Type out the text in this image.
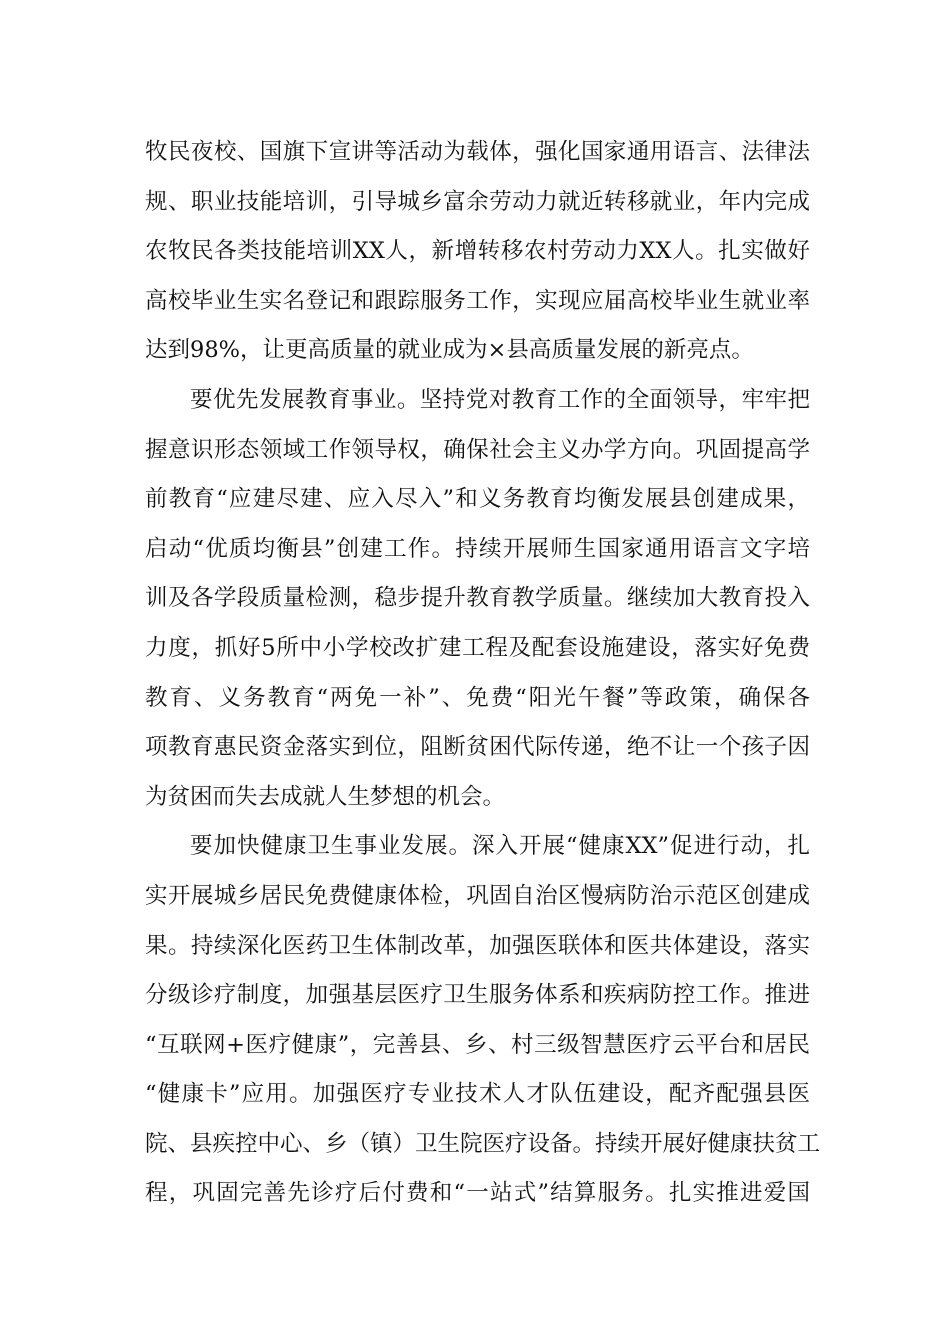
牧民夜校、国旗下宣讲等活动为载体，强化国家通用语言、法律法
规、职业技能培训，引导城乡富余劳动力就近转移就业，年内完成
农牧民各类技能培训XX人，新增转移农村劳动力XX人。扎实做好
高校毕业生实名登记和跟踪服务工作，实现应届高校毕业生就业率
达到98%，让更高质量的就业成为×县高质量发展的新亮点。
要优先发展教育事业。坚持党对教育工作的全面领导，牢牢把
握意识形态领域工作领导权，确保社会主义办学方向。巩固提高学
前教育“应建尽建、应入尽入”和义务教育均衡发展县创建成果，
启动“优质均衡县”创建工作。持续开展师生国家通用语言文字培
训及各学段质量检测，稳步提升教育教学质量。继续加大教育投入
力度，抓好5所中小学校改扩建工程及配套设施建设，落实好免费
教育、义务教育“两免一补”、免费“阳光午餐”等政策，确保各
项教育惠民资金落实到位，阻断贫困代际传递，绝不让一个孩子因
为贫困而失去成就人生梦想的机会。
要加快健康卫生事业发展。深入开展“健康XX”促进行动，扎
实开展城乡居民免费健康体检，巩固自治区慢病防治示范区创建成
果。持续深化医药卫生体制改革，加强医联体和医共体建设，落实
分级诊疗制度，加强基层医疗卫生服务体系和疾病防控工作。推进
“互联网+医疗健康”，完善县、乡、村三级智慧医疗云平台和居民
“健康卡”应用。加强医疗专业技术人才队伍建设，配齐配强县医
院、县疾控中心、乡（镇）卫生院医疗设备。持续开展好健康扶贫工
程，巩固完善先诊疗后付费和“一站式”结算服务。扎实推进爱国
